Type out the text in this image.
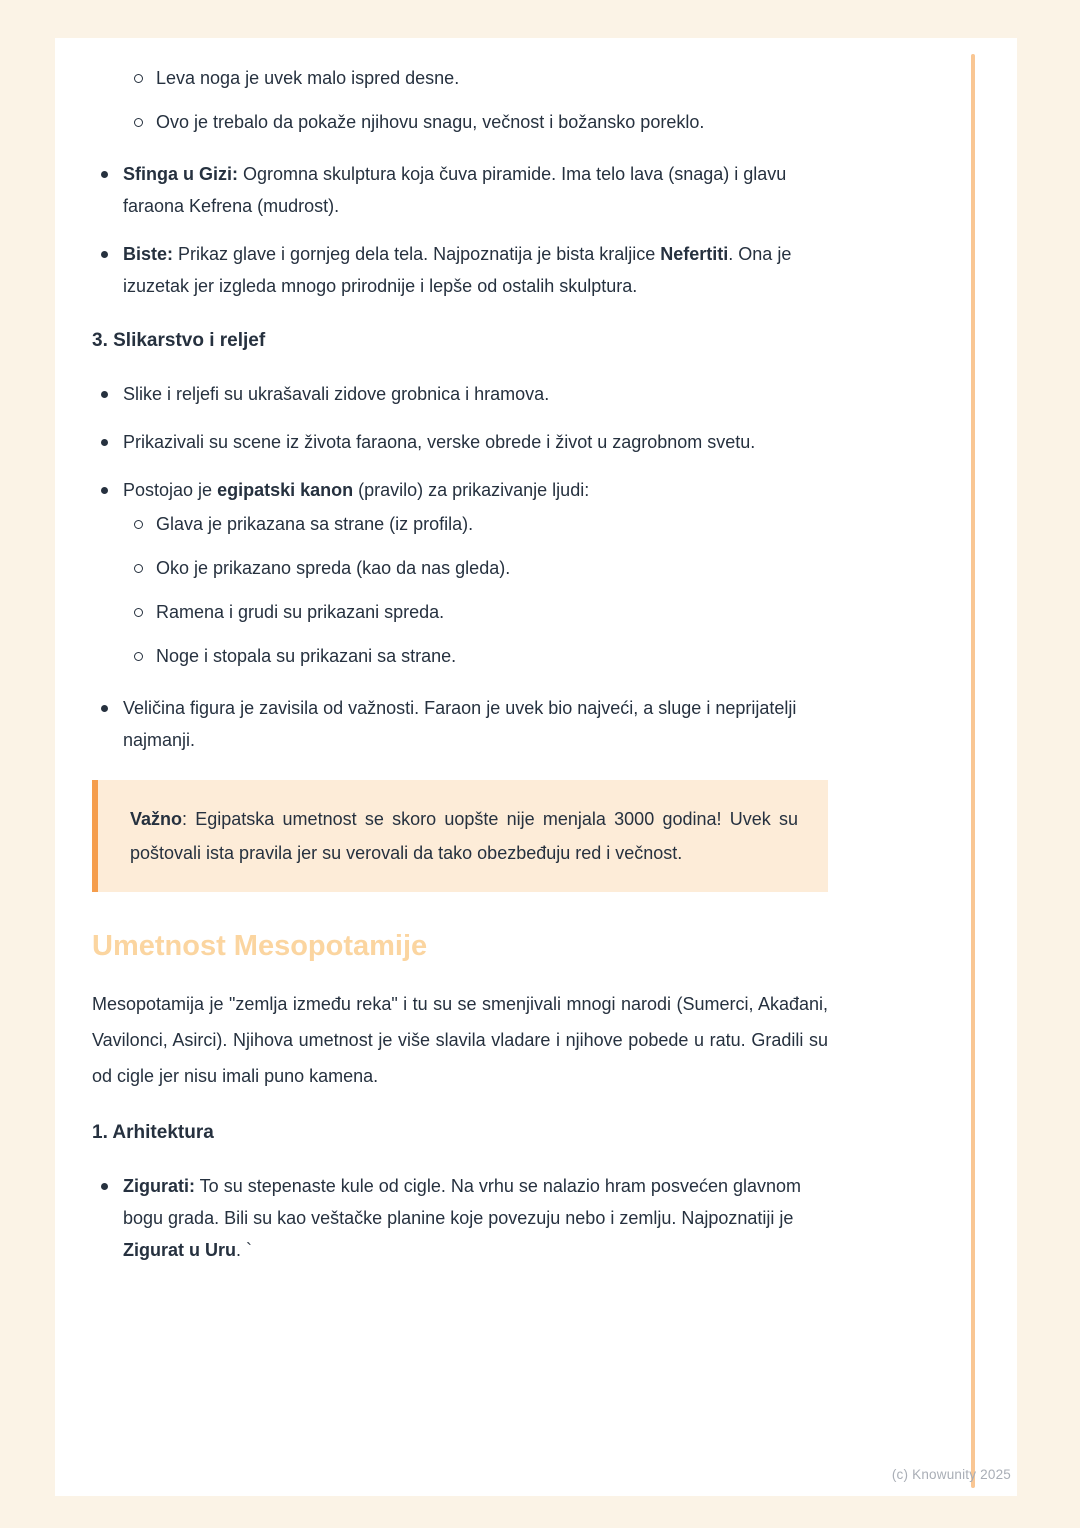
Leva noga je uvek malo ispred desne.
Ovo je trebalo da pokaže njihovu snagu, večnost i božansko poreklo.
Sfinga u Gizi: Ogromna skulptura koja čuva piramide. Ima telo lava (snaga) i glavu faraona Kefrena (mudrost).
Biste: Prikaz glave i gornjeg dela tela. Najpoznatija je bista kraljice Nefertiti. Ona je izuzetak jer izgleda mnogo prirodnije i lepše od ostalih skulptura.
3. Slikarstvo i reljef
Slike i reljefi su ukrašavali zidove grobnica i hramova.
Prikazivali su scene iz života faraona, verske obrede i život u zagrobnom svetu.
Postojao je egipatski kanon (pravilo) za prikazivanje ljudi:
Glava je prikazana sa strane (iz profila).
Oko je prikazano spreda (kao da nas gleda).
Ramena i grudi su prikazani spreda.
Noge i stopala su prikazani sa strane.
Veličina figura je zavisila od važnosti. Faraon je uvek bio najveći, a sluge i neprijatelji najmanji.
Važno: Egipatska umetnost se skoro uopšte nije menjala 3000 godina! Uvek su poštovali ista pravila jer su verovali da tako obezbeđuju red i večnost.
Umetnost Mesopotamije
Mesopotamija je "zemlja između reka" i tu su se smenjivali mnogi narodi (Sumerci, Akađani, Vavilonci, Asirci). Njihova umetnost je više slavila vladare i njihove pobede u ratu. Gradili su od cigle jer nisu imali puno kamena.
1. Arhitektura
Zigurati: To su stepenaste kule od cigle. Na vrhu se nalazio hram posvećen glavnom bogu grada. Bili su kao veštačke planine koje povezuju nebo i zemlju. Najpoznatiji je Zigurat u Uru. `
(c) Knowunity 2025
